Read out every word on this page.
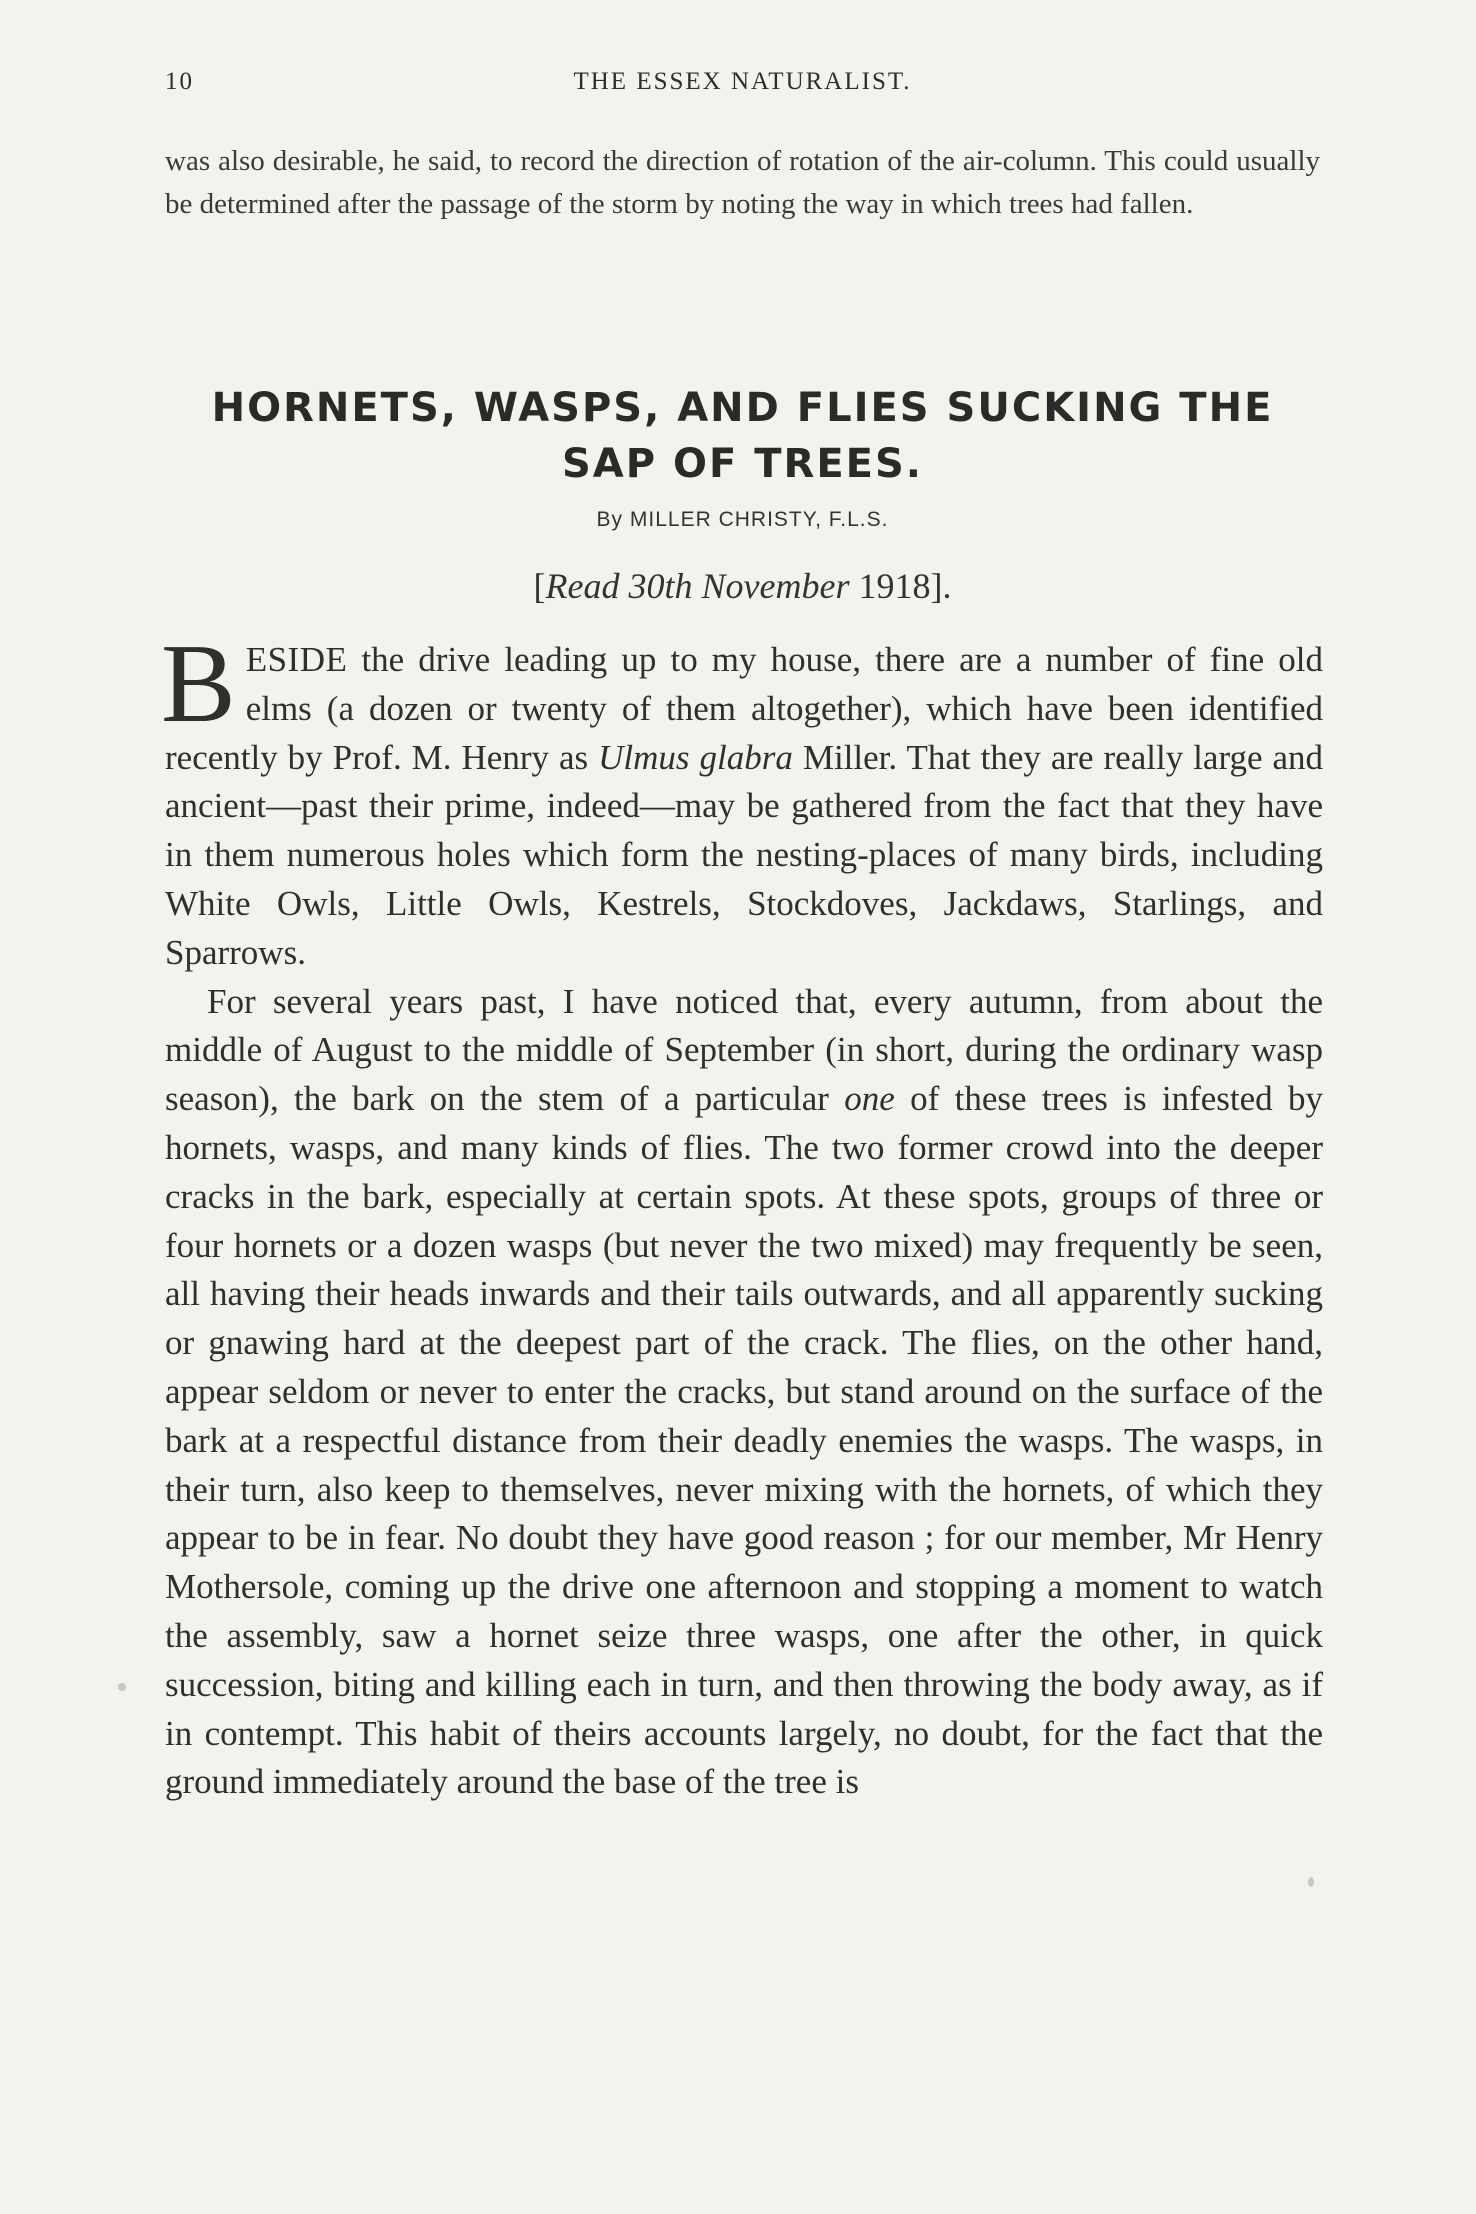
10	THE ESSEX NATURALIST.
was also desirable, he said, to record the direction of rotation of the air-column. This could usually be determined after the passage of the storm by noting the way in which trees had fallen.
HORNETS, WASPS, AND FLIES SUCKING THE
SAP OF TREES.
By MILLER CHRISTY, F.L.S.
[Read 30th November 1918].

BESIDE the drive leading up to my house, there are a number of fine old elms (a dozen or twenty of them altogether), which have been identified recently by Prof. M. Henry as Ulmus glabra Miller. That they are really large and ancient—past their prime, indeed—may be gathered from the fact that they have in them numerous holes which form the nesting-places of many birds, including White Owls, Little Owls, Kestrels, Stockdoves, Jackdaws, Starlings, and Sparrows.

For several years past, I have noticed that, every autumn, from about the middle of August to the middle of September (in short, during the ordinary wasp season), the bark on the stem of a particular one of these trees is infested by hornets, wasps, and many kinds of flies. The two former crowd into the deeper cracks in the bark, especially at certain spots. At these spots, groups of three or four hornets or a dozen wasps (but never the two mixed) may frequently be seen, all having their heads inwards and their tails outwards, and all apparently sucking or gnawing hard at the deepest part of the crack. The flies, on the other hand, appear seldom or never to enter the cracks, but stand around on the surface of the bark at a respectful distance from their deadly enemies the wasps. The wasps, in their turn, also keep to themselves, never mixing with the hornets, of which they appear to be in fear. No doubt they have good reason ; for our member, Mr Henry Mothersole, coming up the drive one afternoon and stopping a moment to watch the assembly, saw a hornet seize three wasps, one after the other, in quick succession, biting and killing each in turn, and then throwing the body away, as if in contempt. This habit of theirs accounts largely, no doubt, for the fact that the ground immediately around the base of the tree is
